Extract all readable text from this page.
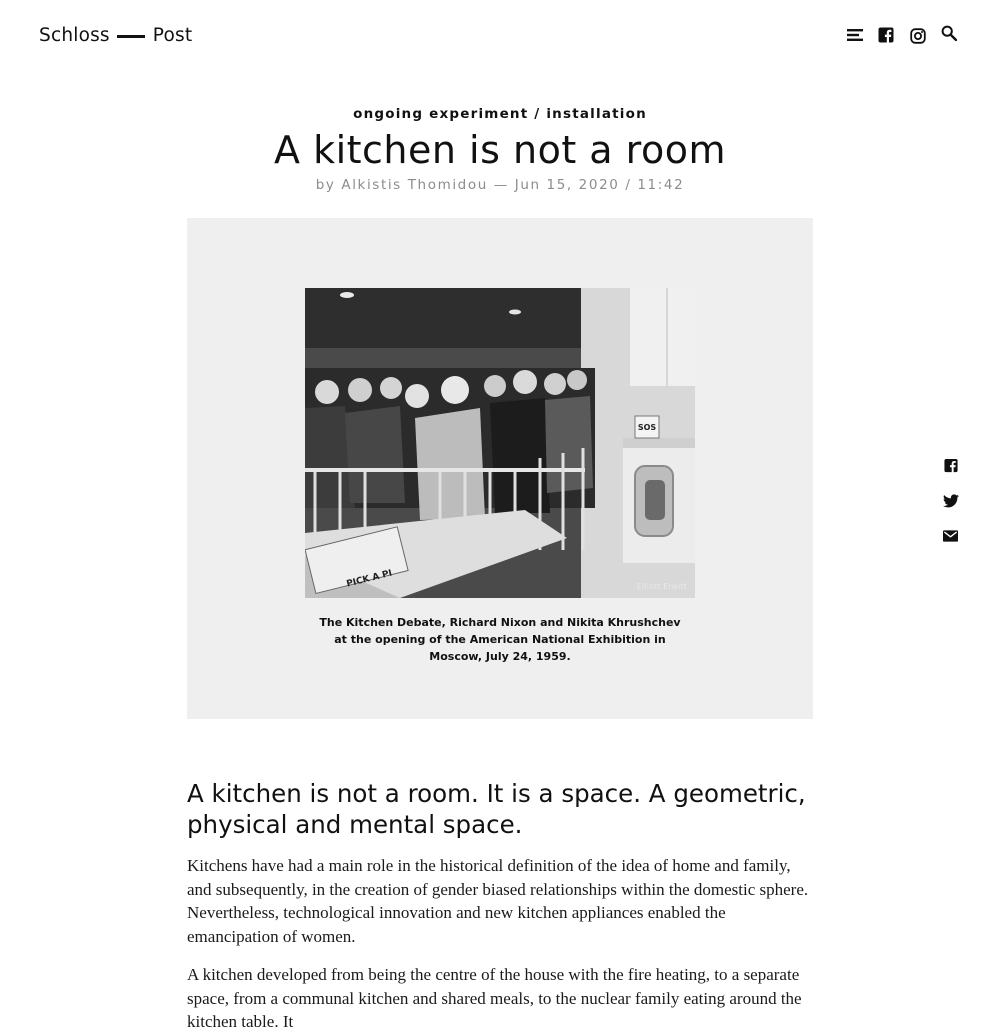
Schloss Post
ongoing experiment / installation
A kitchen is not a room
by Alkistis Thomidou — Jun 15, 2020 / 11:42
SOS
PICK A PI	Elliott Erwitt
The Kitchen Debate, Richard Nixon and Nikita Khrushchev at the opening of the American National Exhibition in Moscow, July 24, 1959.
A kitchen is not a room. It is a space. A geometric, physical and mental space.

Kitchens have had a main role in the historical definition of the idea of home and family, and subsequently, in the creation of gender biased relationships within the domestic sphere. Nevertheless, technological innovation and new kitchen appliances enabled the emancipation of women.

A kitchen developed from being the centre of the house with the fire heating, to a separate space, from a communal kitchen and shared meals, to the nuclear family eating around the kitchen table. It
